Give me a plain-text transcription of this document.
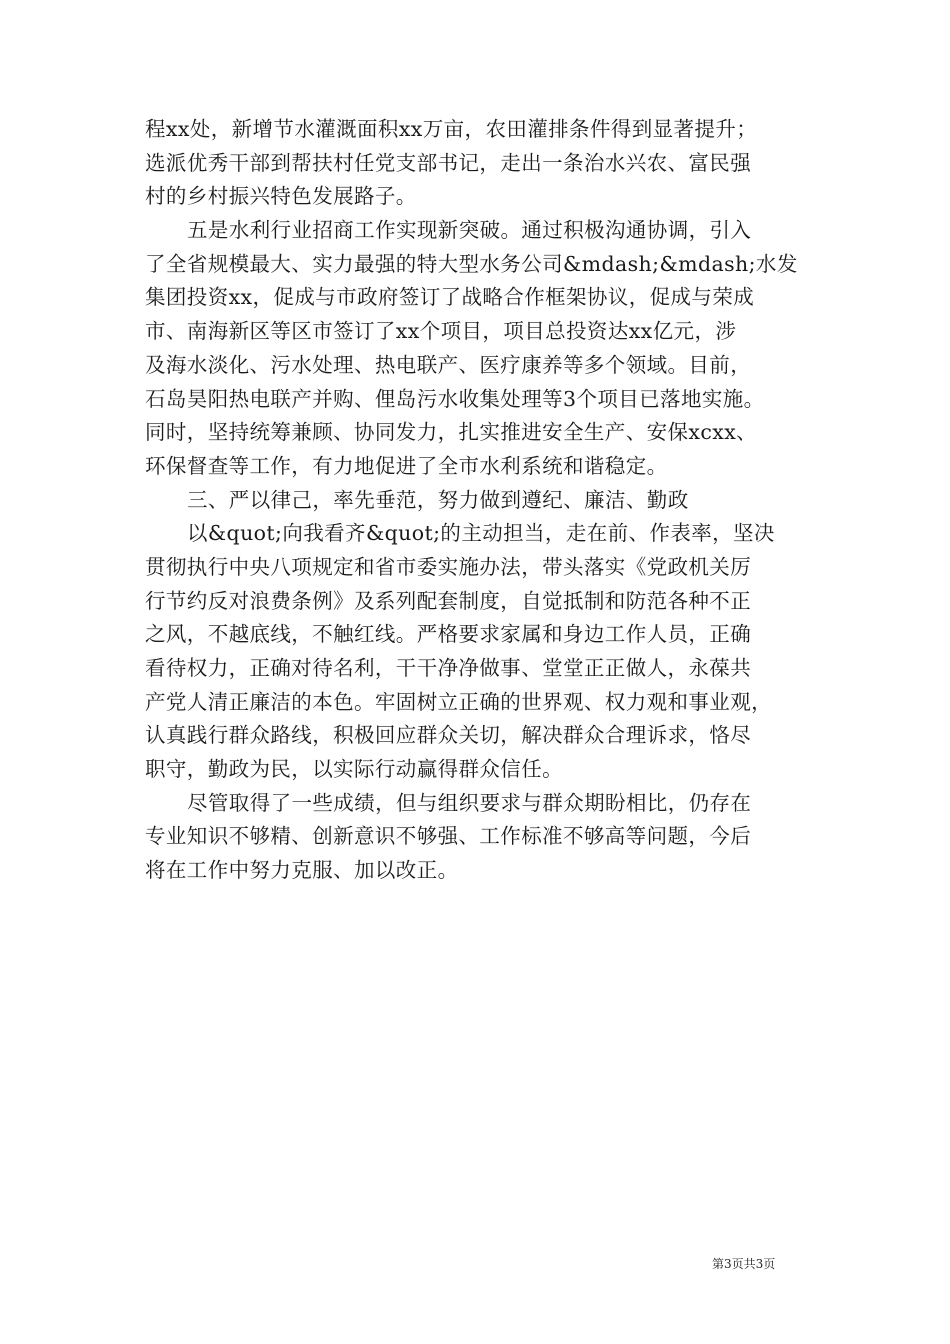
程xx处，新增节水灌溉面积xx万亩，农田灌排条件得到显著提升；
选派优秀干部到帮扶村任党支部书记，走出一条治水兴农、富民强
村的乡村振兴特色发展路子。
五是水利行业招商工作实现新突破。通过积极沟通协调，引入
了全省规模最大、实力最强的特大型水务公司&mdash;&mdash;水发
集团投资xx，促成与市政府签订了战略合作框架协议，促成与荣成
市、南海新区等区市签订了xx个项目，项目总投资达xx亿元，涉
及海水淡化、污水处理、热电联产、医疗康养等多个领域。目前，
石岛昊阳热电联产并购、俚岛污水收集处理等3个项目已落地实施。
同时，坚持统筹兼顾、协同发力，扎实推进安全生产、安保xcxx、
环保督查等工作，有力地促进了全市水利系统和谐稳定。
三、严以律己，率先垂范，努力做到遵纪、廉洁、勤政
以&quot;向我看齐&quot;的主动担当，走在前、作表率，坚决
贯彻执行中央八项规定和省市委实施办法，带头落实《党政机关厉
行节约反对浪费条例》及系列配套制度，自觉抵制和防范各种不正
之风，不越底线，不触红线。严格要求家属和身边工作人员，正确
看待权力，正确对待名利，干干净净做事、堂堂正正做人，永葆共
产党人清正廉洁的本色。牢固树立正确的世界观、权力观和事业观，
认真践行群众路线，积极回应群众关切，解决群众合理诉求，恪尽
职守，勤政为民，以实际行动赢得群众信任。
尽管取得了一些成绩，但与组织要求与群众期盼相比，仍存在
专业知识不够精、创新意识不够强、工作标准不够高等问题，今后
将在工作中努力克服、加以改正。
第3页共3页
